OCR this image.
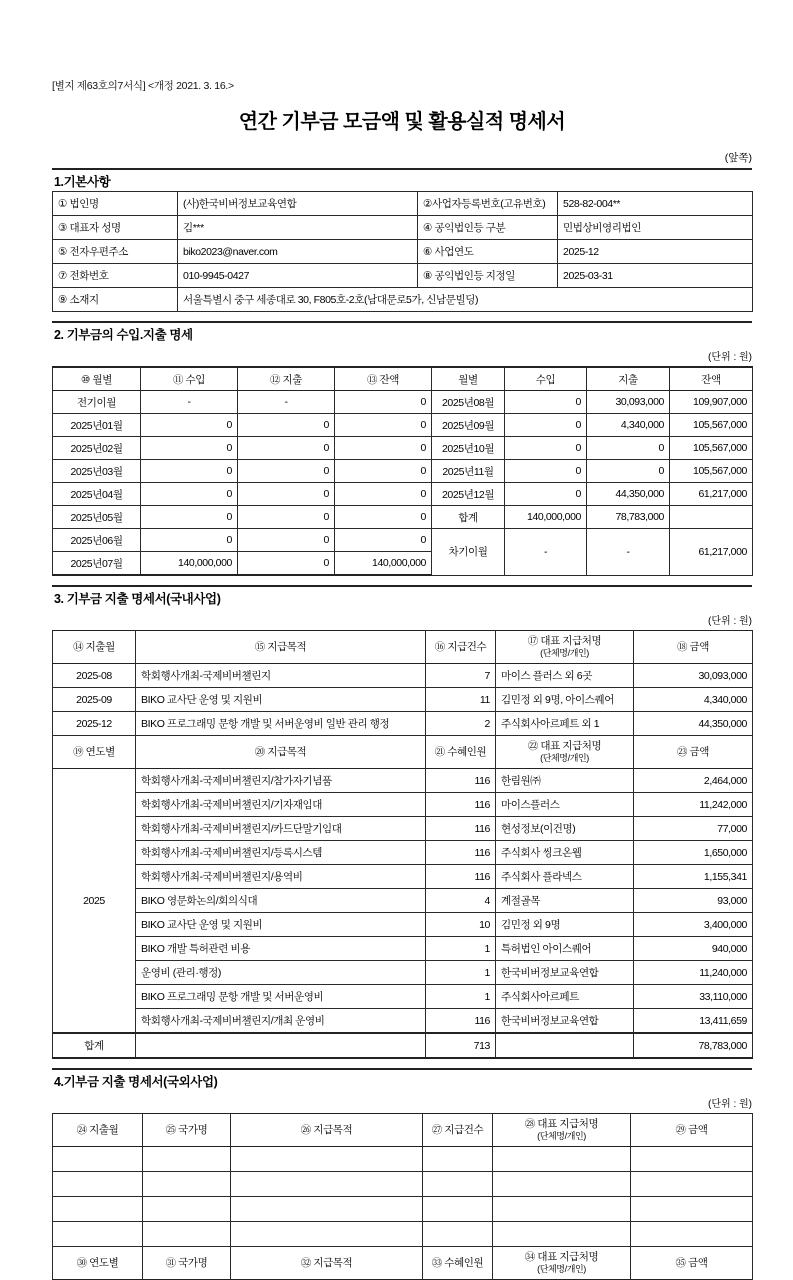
[별지 제63호의7서식] <개정 2021. 3. 16.>
연간 기부금 모금액 및 활용실적 명세서
(앞쪽)
1.기본사항
① 법인명	(사)한국비버정보교육연합	②사업자등록번호(고유번호)	528-82-004**
③ 대표자 성명	김***	④ 공익법인등 구분	민법상비영리법인
⑤ 전자우편주소	biko2023@naver.com	⑥ 사업연도	2025-12
⑦ 전화번호	010-9945-0427	⑧ 공익법인등 지정일	2025-03-31
⑨ 소재지	서울특별시 중구 세종대로 30, F805호-2호(남대문로5가, 신남문빌딩)		
2. 기부금의 수입.지출 명세
(단위 : 원)
⑩ 월별	⑪ 수입	⑫ 지출	⑬ 잔액	월별	수입	지출	잔액
전기이월	-	-	0	2025년08월	0	30,093,000	109,907,000
2025년01월	0	0	0	2025년09월	0	4,340,000	105,567,000
2025년02월	0	0	0	2025년10월	0	0	105,567,000
2025년03월	0	0	0	2025년11월	0	0	105,567,000
2025년04월	0	0	0	2025년12월	0	44,350,000	61,217,000
2025년05월	0	0	0	합계	140,000,000	78,783,000	
2025년06월	0	0	0	차기이월	-	-	61,217,000
2025년07월	140,000,000	0	140,000,000				
3. 기부금 지출 명세서(국내사업)
(단위 : 원)
⑭ 지출월	⑮ 지급목적	⑯ 지급건수	⑰ 대표 지급처명
(단체명/개인)	⑱ 금액
2025-08	학회행사개최-국제비버챌린지	7	마이스 플러스 외 6곳	30,093,000
2025-09	BIKO 교사단 운영 및 지원비	11	김민정 외 9명, 아이스퀘어	4,340,000
2025-12	BIKO 프로그래밍 문항 개발 및 서버운영비 일반 관리 행정	2	주식회사아르페트 외 1	44,350,000
⑲ 연도별	⑳ 지급목적	㉑ 수혜인원	㉒ 대표 지급처명
(단체명/개인)	㉓ 금액
2025	학회행사개최-국제비버챌린지/참가자기념품	116	한림원㈜	2,464,000
	학회행사개최-국제비버챌린지/기자재임대	116	마이스플러스	11,242,000
	학회행사개최-국제비버챌린지/카드단말기임대	116	현성정보(이건명)	77,000
	학회행사개최-국제비버챌린지/등록시스템	116	주식회사 씽크온웹	1,650,000
	학회행사개최-국제비버챌린지/용역비	116	주식회사 플라넥스	1,155,341
	BIKO 영문화논의/회의식대	4	계절골목	93,000
	BIKO 교사단 운영 및 지원비	10	김민정 외 9명	3,400,000
	BIKO 개발 특허관련 비용	1	특허법인 아이스퀘어	940,000
	운영비 (관리·행정)	1	한국비버정보교육연합	11,240,000
	BIKO 프로그래밍 문항 개발 및 서버운영비	1	주식회사아르페트	33,110,000
	학회행사개최-국제비버챌린지/개최 운영비	116	한국비버정보교육연합	13,411,659
합계		713		78,783,000
4.기부금 지출 명세서(국외사업)
(단위 : 원)
㉔ 지출월	㉕ 국가명	㉖ 지급목적	㉗ 지급건수	㉘ 대표 지급처명
(단체명/개인)	㉙ 금액

㉚ 연도별	㉛ 국가명	㉜ 지급목적	㉝ 수혜인원	㉞ 대표 지급처명
(단체명/개인)	㉟ 금액
